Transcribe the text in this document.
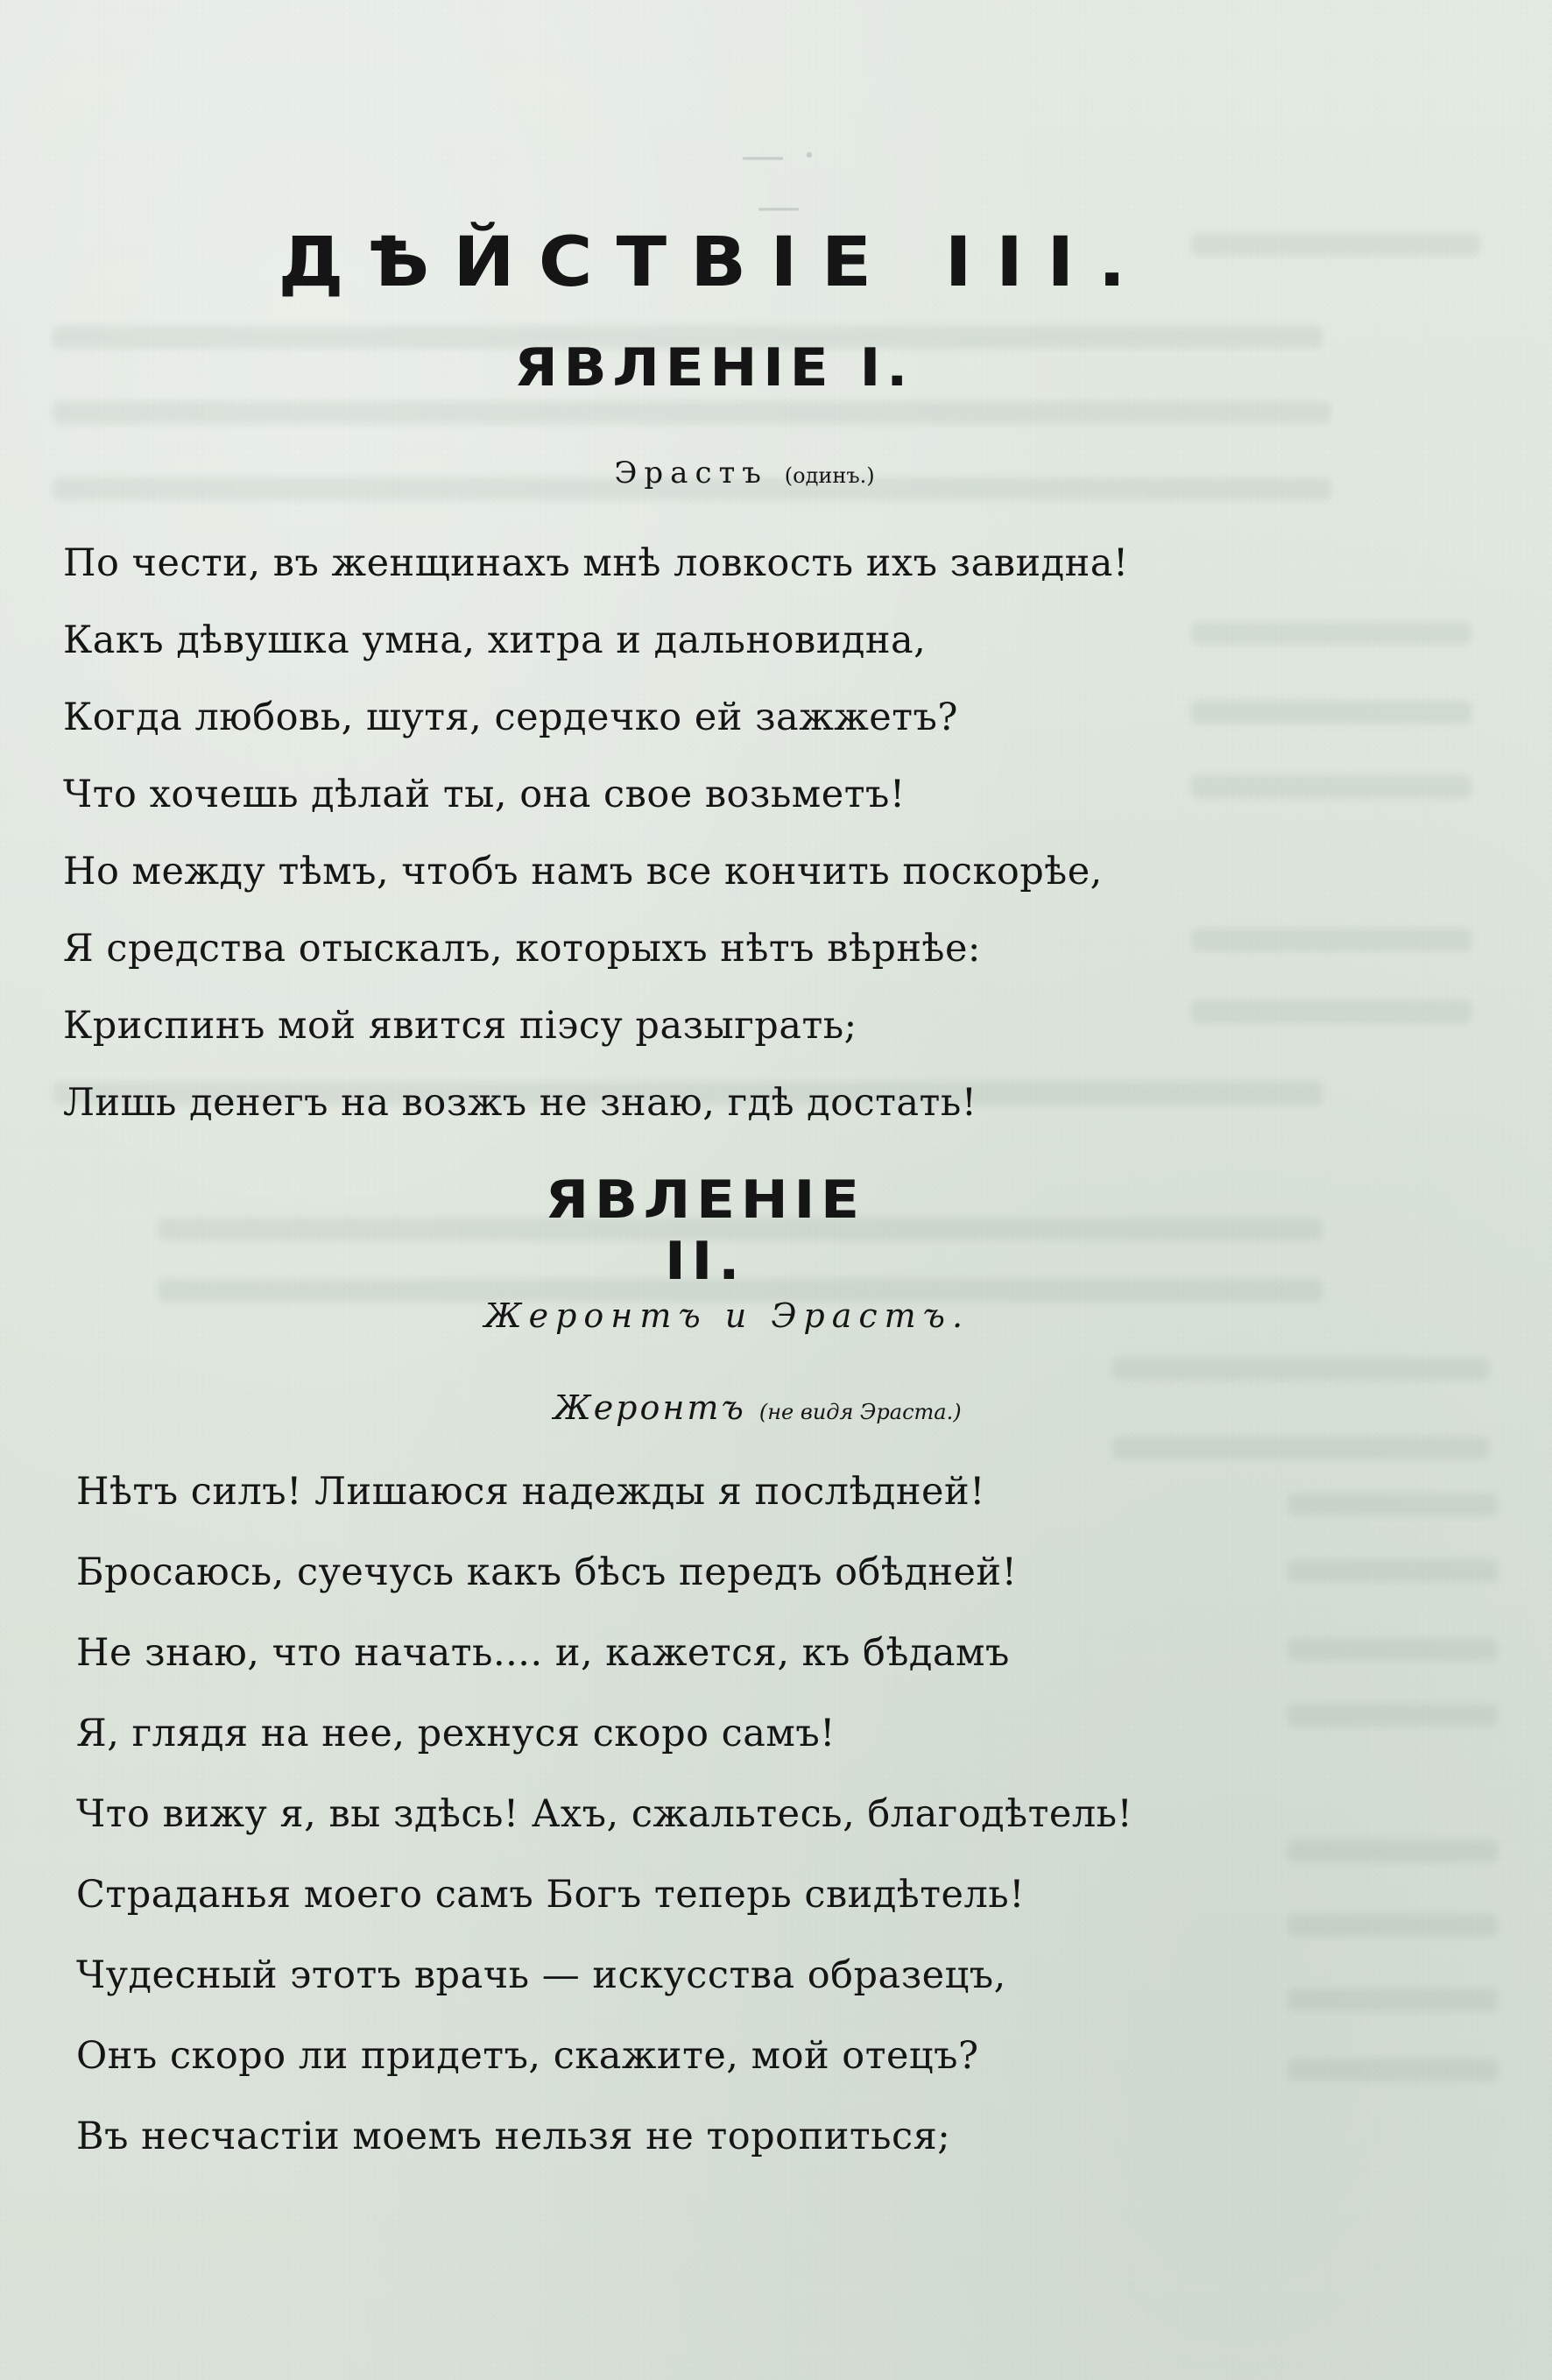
— · —
ДѢЙСТВІЕ III.
ЯВЛЕНІЕ I.
Эрастъ (одинъ.)
По чести, въ женщинахъ мнѣ ловкость ихъ завидна!
Какъ дѣвушка умна, хитра и дальновидна,
Когда любовь, шутя, сердечко ей зажжетъ?
Что хочешь дѣлай ты, она свое возьметъ!
Но между тѣмъ, чтобъ намъ все кончить поскорѣе,
Я средства отыскалъ, которыхъ нѣтъ вѣрнѣе:
Криспинъ мой явится піэсу разыграть;
Лишь денегъ на возжъ не знаю, гдѣ достать!
ЯВЛЕНІЕ II.
Жеронтъ и Эрастъ.
Жеронтъ (не видя Эраста.)
Нѣтъ силъ! Лишаюся надежды я послѣдней!
Бросаюсь, суечусь какъ бѣсъ передъ обѣдней!
Не знаю, что начать.... и, кажется, къ бѣдамъ
Я, глядя на нее, рехнуся скоро самъ!
Что вижу я, вы здѣсь! Ахъ, сжальтесь, благодѣтель!
Страданья моего самъ Богъ теперь свидѣтель!
Чудесный этотъ врачь — искусства образецъ,
Онъ скоро ли придетъ, скажите, мой отецъ?
Въ несчастіи моемъ нельзя не торопиться;
